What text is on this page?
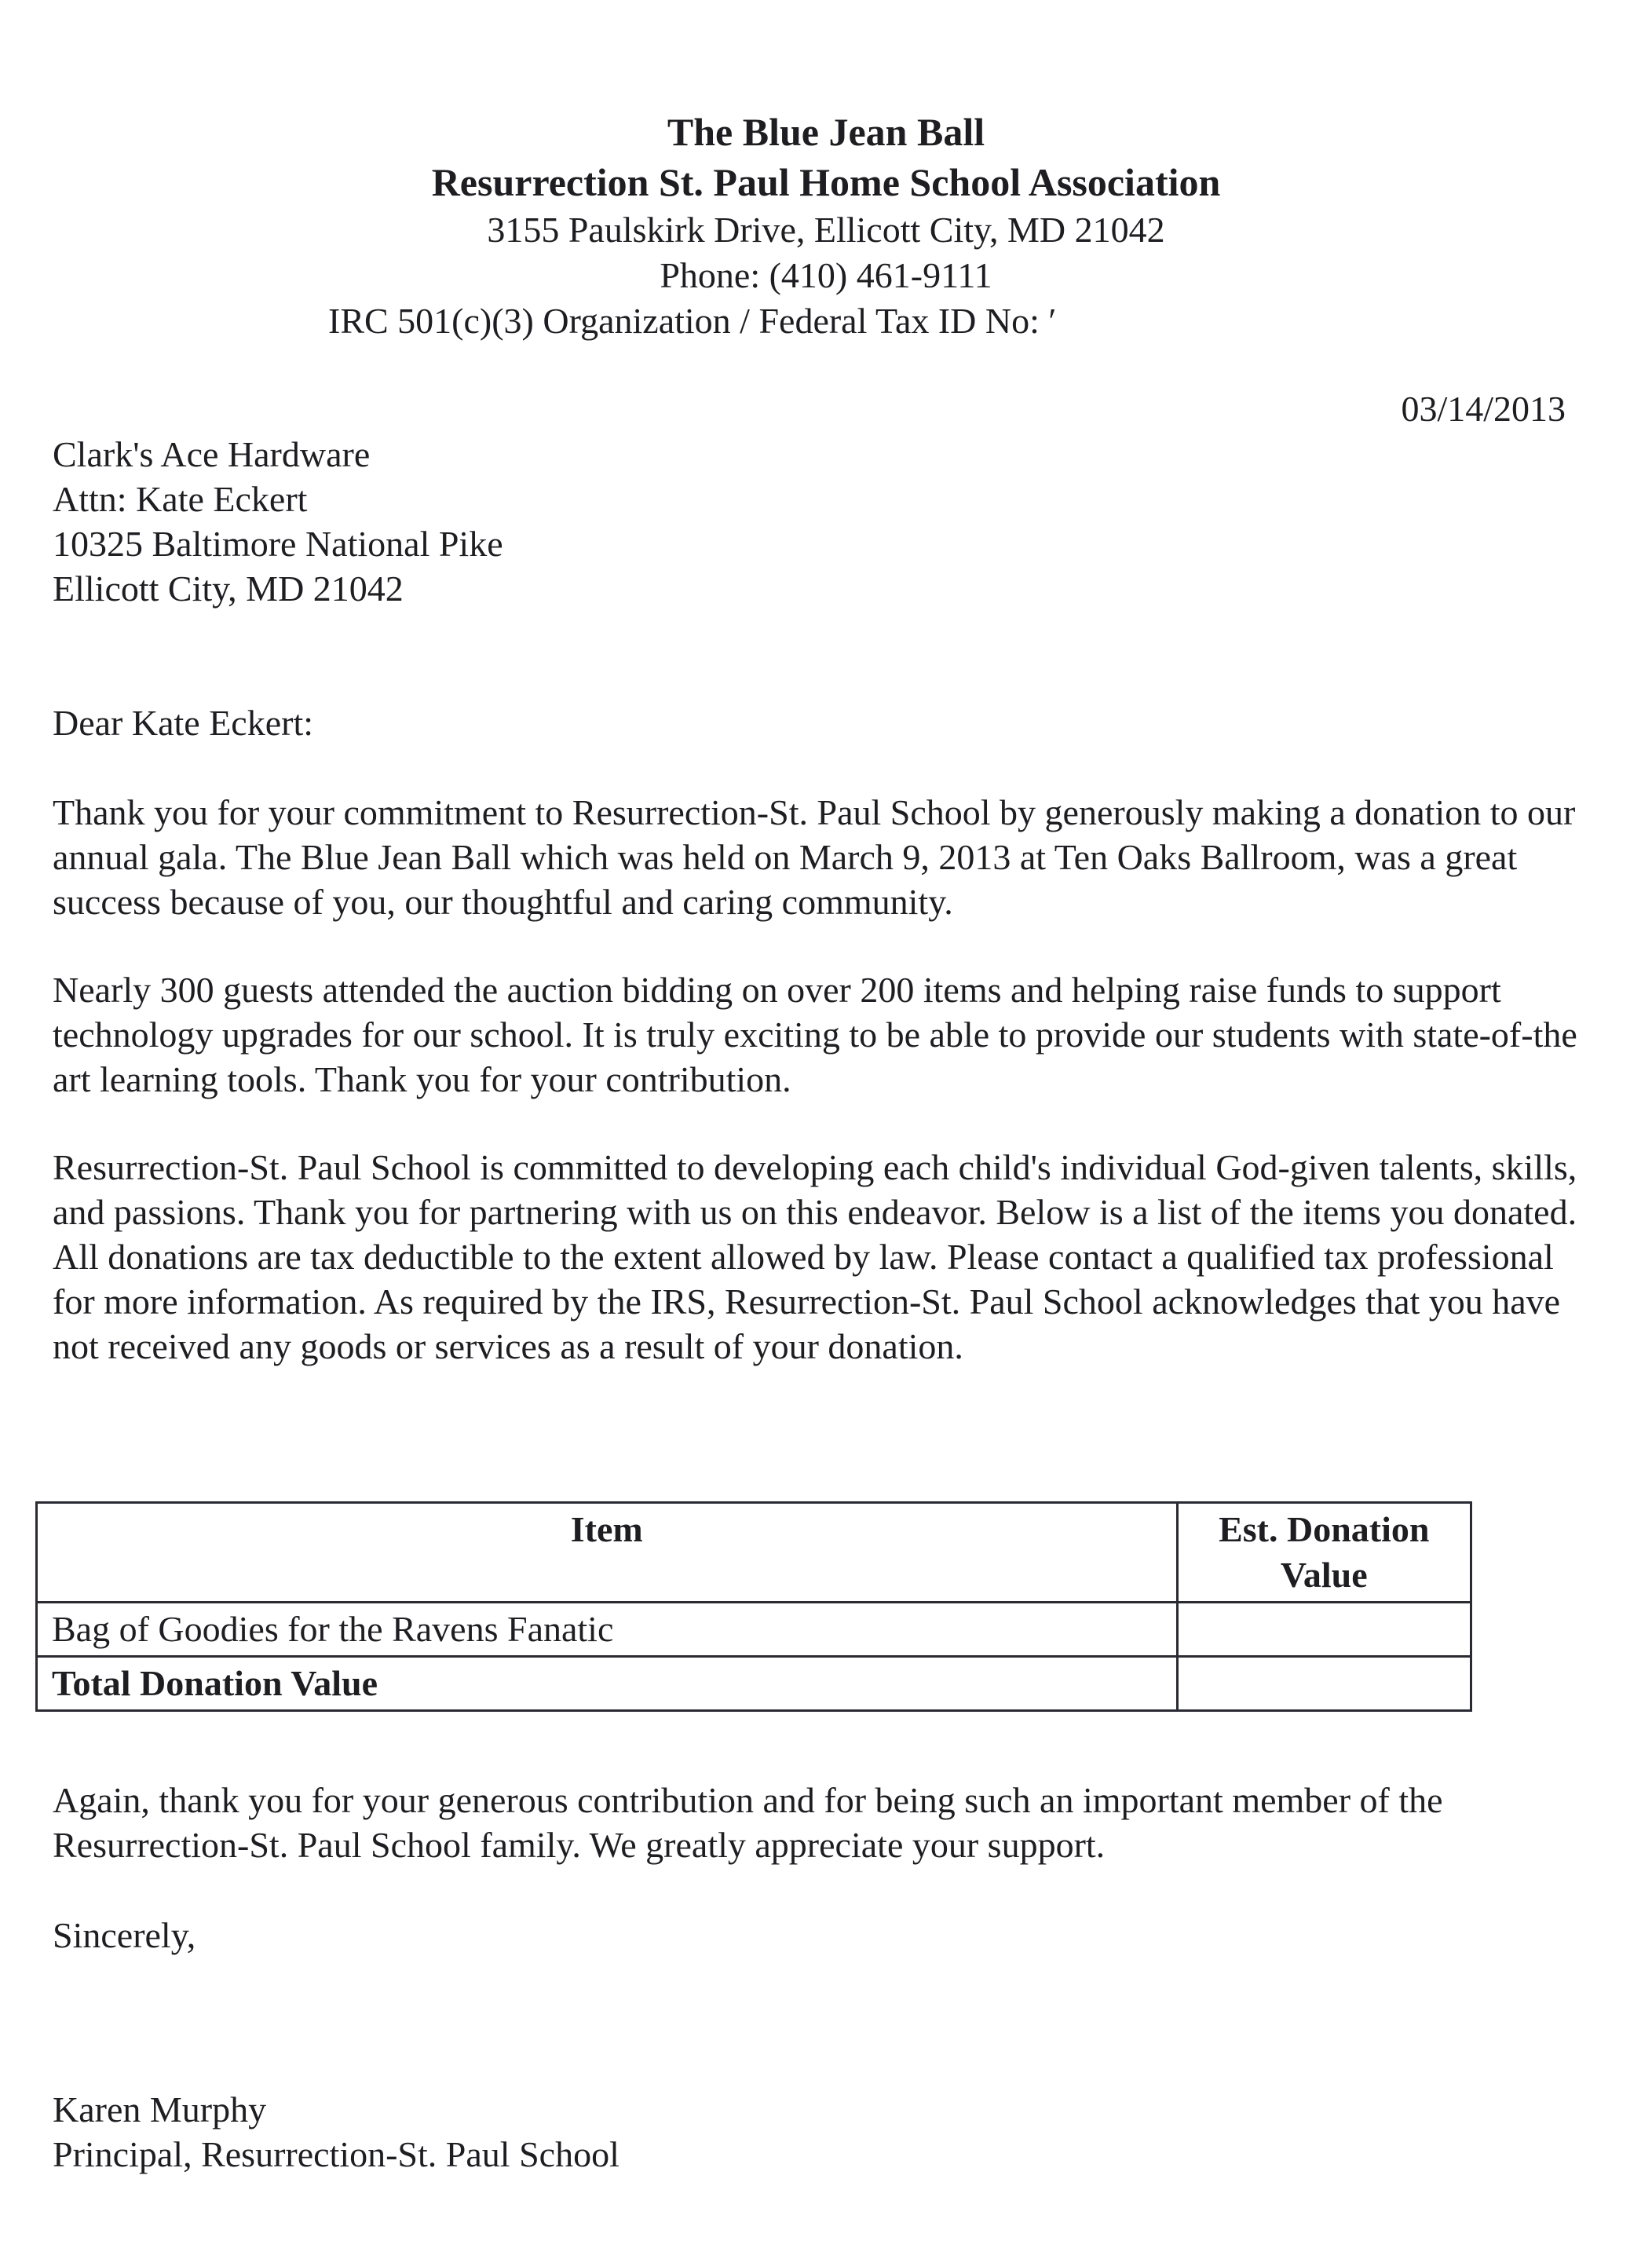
The Blue Jean Ball
Resurrection St. Paul Home School Association
3155 Paulskirk Drive, Ellicott City, MD 21042
Phone: (410) 461-9111
IRC 501(c)(3) Organization / Federal Tax ID No: ′
03/14/2013
Clark's Ace Hardware
Attn: Kate Eckert
10325 Baltimore National Pike
Ellicott City, MD 21042
Dear Kate Eckert:
Thank you for your commitment to Resurrection-St. Paul School by generously making a donation to our annual gala. The Blue Jean Ball which was held on March 9, 2013 at Ten Oaks Ballroom, was a great success because of you, our thoughtful and caring community.
Nearly 300 guests attended the auction bidding on over 200 items and helping raise funds to support technology upgrades for our school. It is truly exciting to be able to provide our students with state-of-the art learning tools. Thank you for your contribution.
Resurrection-St. Paul School is committed to developing each child's individual God-given talents, skills, and passions. Thank you for partnering with us on this endeavor. Below is a list of the items you donated. All donations are tax deductible to the extent allowed by law. Please contact a qualified tax professional for more information. As required by the IRS, Resurrection-St. Paul School acknowledges that you have not received any goods or services as a result of your donation.
Item	Est. Donation Value
Bag of Goodies for the Ravens Fanatic	
Total Donation Value	
Again, thank you for your generous contribution and for being such an important member of the Resurrection-St. Paul School family. We greatly appreciate your support.
Sincerely,
Karen Murphy
Principal, Resurrection-St. Paul School
